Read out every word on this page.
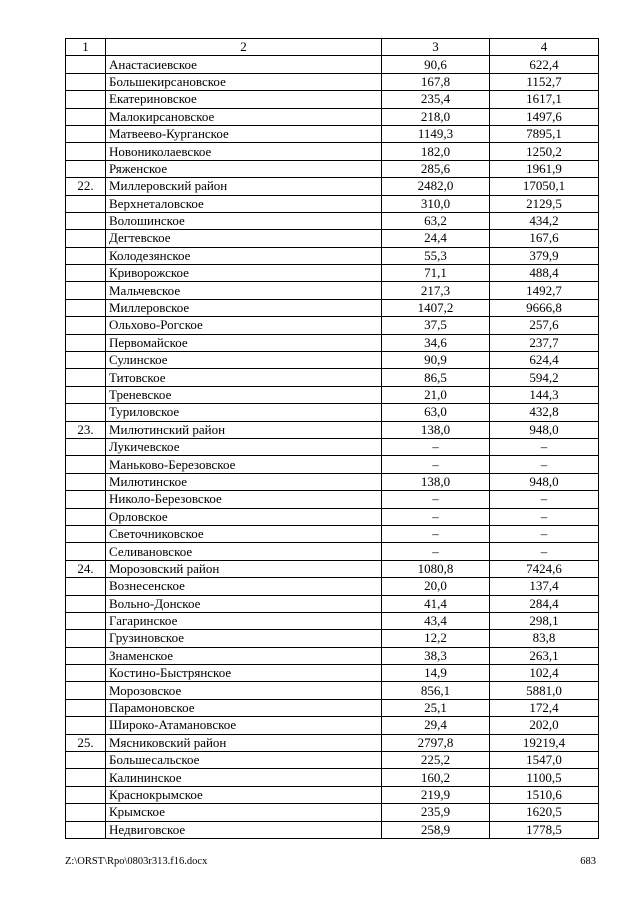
1	2	3	4
	Анастасиевское	90,6	622,4
	Большекирсановское	167,8	1152,7
	Екатериновское	235,4	1617,1
	Малокирсановское	218,0	1497,6
	Матвеево-Курганское	1149,3	7895,1
	Новониколаевское	182,0	1250,2
	Ряженское	285,6	1961,9
22.	Миллеровский район	2482,0	17050,1
	Верхнеталовское	310,0	2129,5
	Волошинское	63,2	434,2
	Дегтевское	24,4	167,6
	Колодезянское	55,3	379,9
	Криворожское	71,1	488,4
	Мальчевское	217,3	1492,7
	Миллеровское	1407,2	9666,8
	Ольхово-Рогское	37,5	257,6
	Первомайское	34,6	237,7
	Сулинское	90,9	624,4
	Титовское	86,5	594,2
	Треневское	21,0	144,3
	Туриловское	63,0	432,8
23.	Милютинский район	138,0	948,0
	Лукичевское	–	–
	Маньково-Березовское	–	–
	Милютинское	138,0	948,0
	Николо-Березовское	–	–
	Орловское	–	–
	Светочниковское	–	–
	Селивановское	–	–
24.	Морозовский район	1080,8	7424,6
	Вознесенское	20,0	137,4
	Вольно-Донское	41,4	284,4
	Гагаринское	43,4	298,1
	Грузиновское	12,2	83,8
	Знаменское	38,3	263,1
	Костино-Быстрянское	14,9	102,4
	Морозовское	856,1	5881,0
	Парамоновское	25,1	172,4
	Широко-Атамановское	29,4	202,0
25.	Мясниковский район	2797,8	19219,4
	Большесальское	225,2	1547,0
	Калининское	160,2	1100,5
	Краснокрымское	219,9	1510,6
	Крымское	235,9	1620,5
	Недвиговское	258,9	1778,5
Z:\ORST\Rpo\0803r313.f16.docx	683
